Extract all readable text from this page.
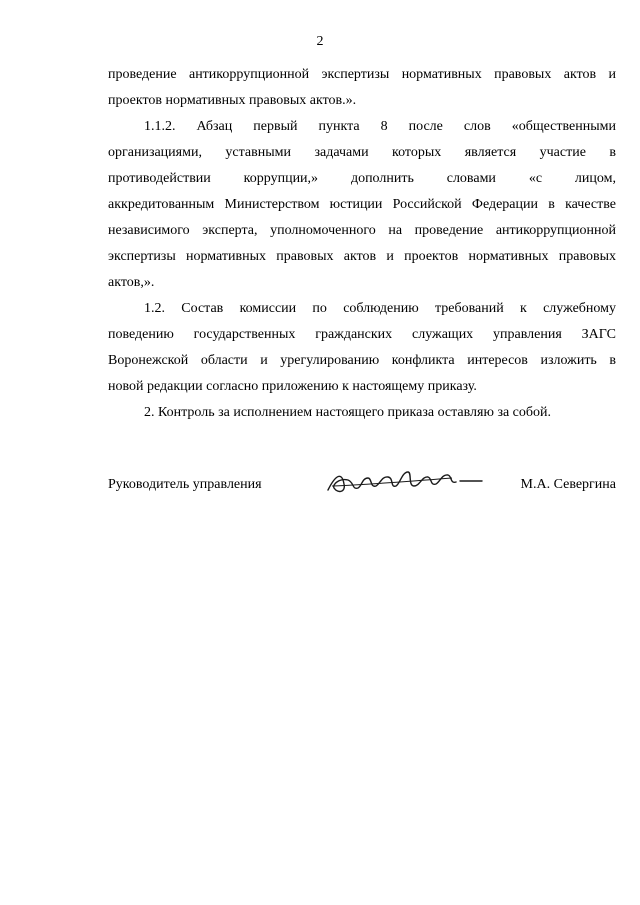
2
проведение антикоррупционной экспертизы нормативных правовых актов и
проектов нормативных правовых актов.».
1.1.2. Абзац первый пункта 8 после слов «общественными
организациями, уставными задачами которых является участие в
противодействии коррупции,» дополнить словами «с лицом,
аккредитованным Министерством юстиции Российской Федерации в качестве
независимого эксперта, уполномоченного на проведение антикоррупционной
экспертизы нормативных правовых актов и проектов нормативных правовых
актов,».
1.2. Состав комиссии по соблюдению требований к служебному
поведению государственных гражданских служащих управления ЗАГС
Воронежской области и урегулированию конфликта интересов изложить в
новой редакции согласно приложению к настоящему приказу.
2. Контроль за исполнением настоящего приказа оставляю за собой.
Руководитель управления	М.А. Севергина
